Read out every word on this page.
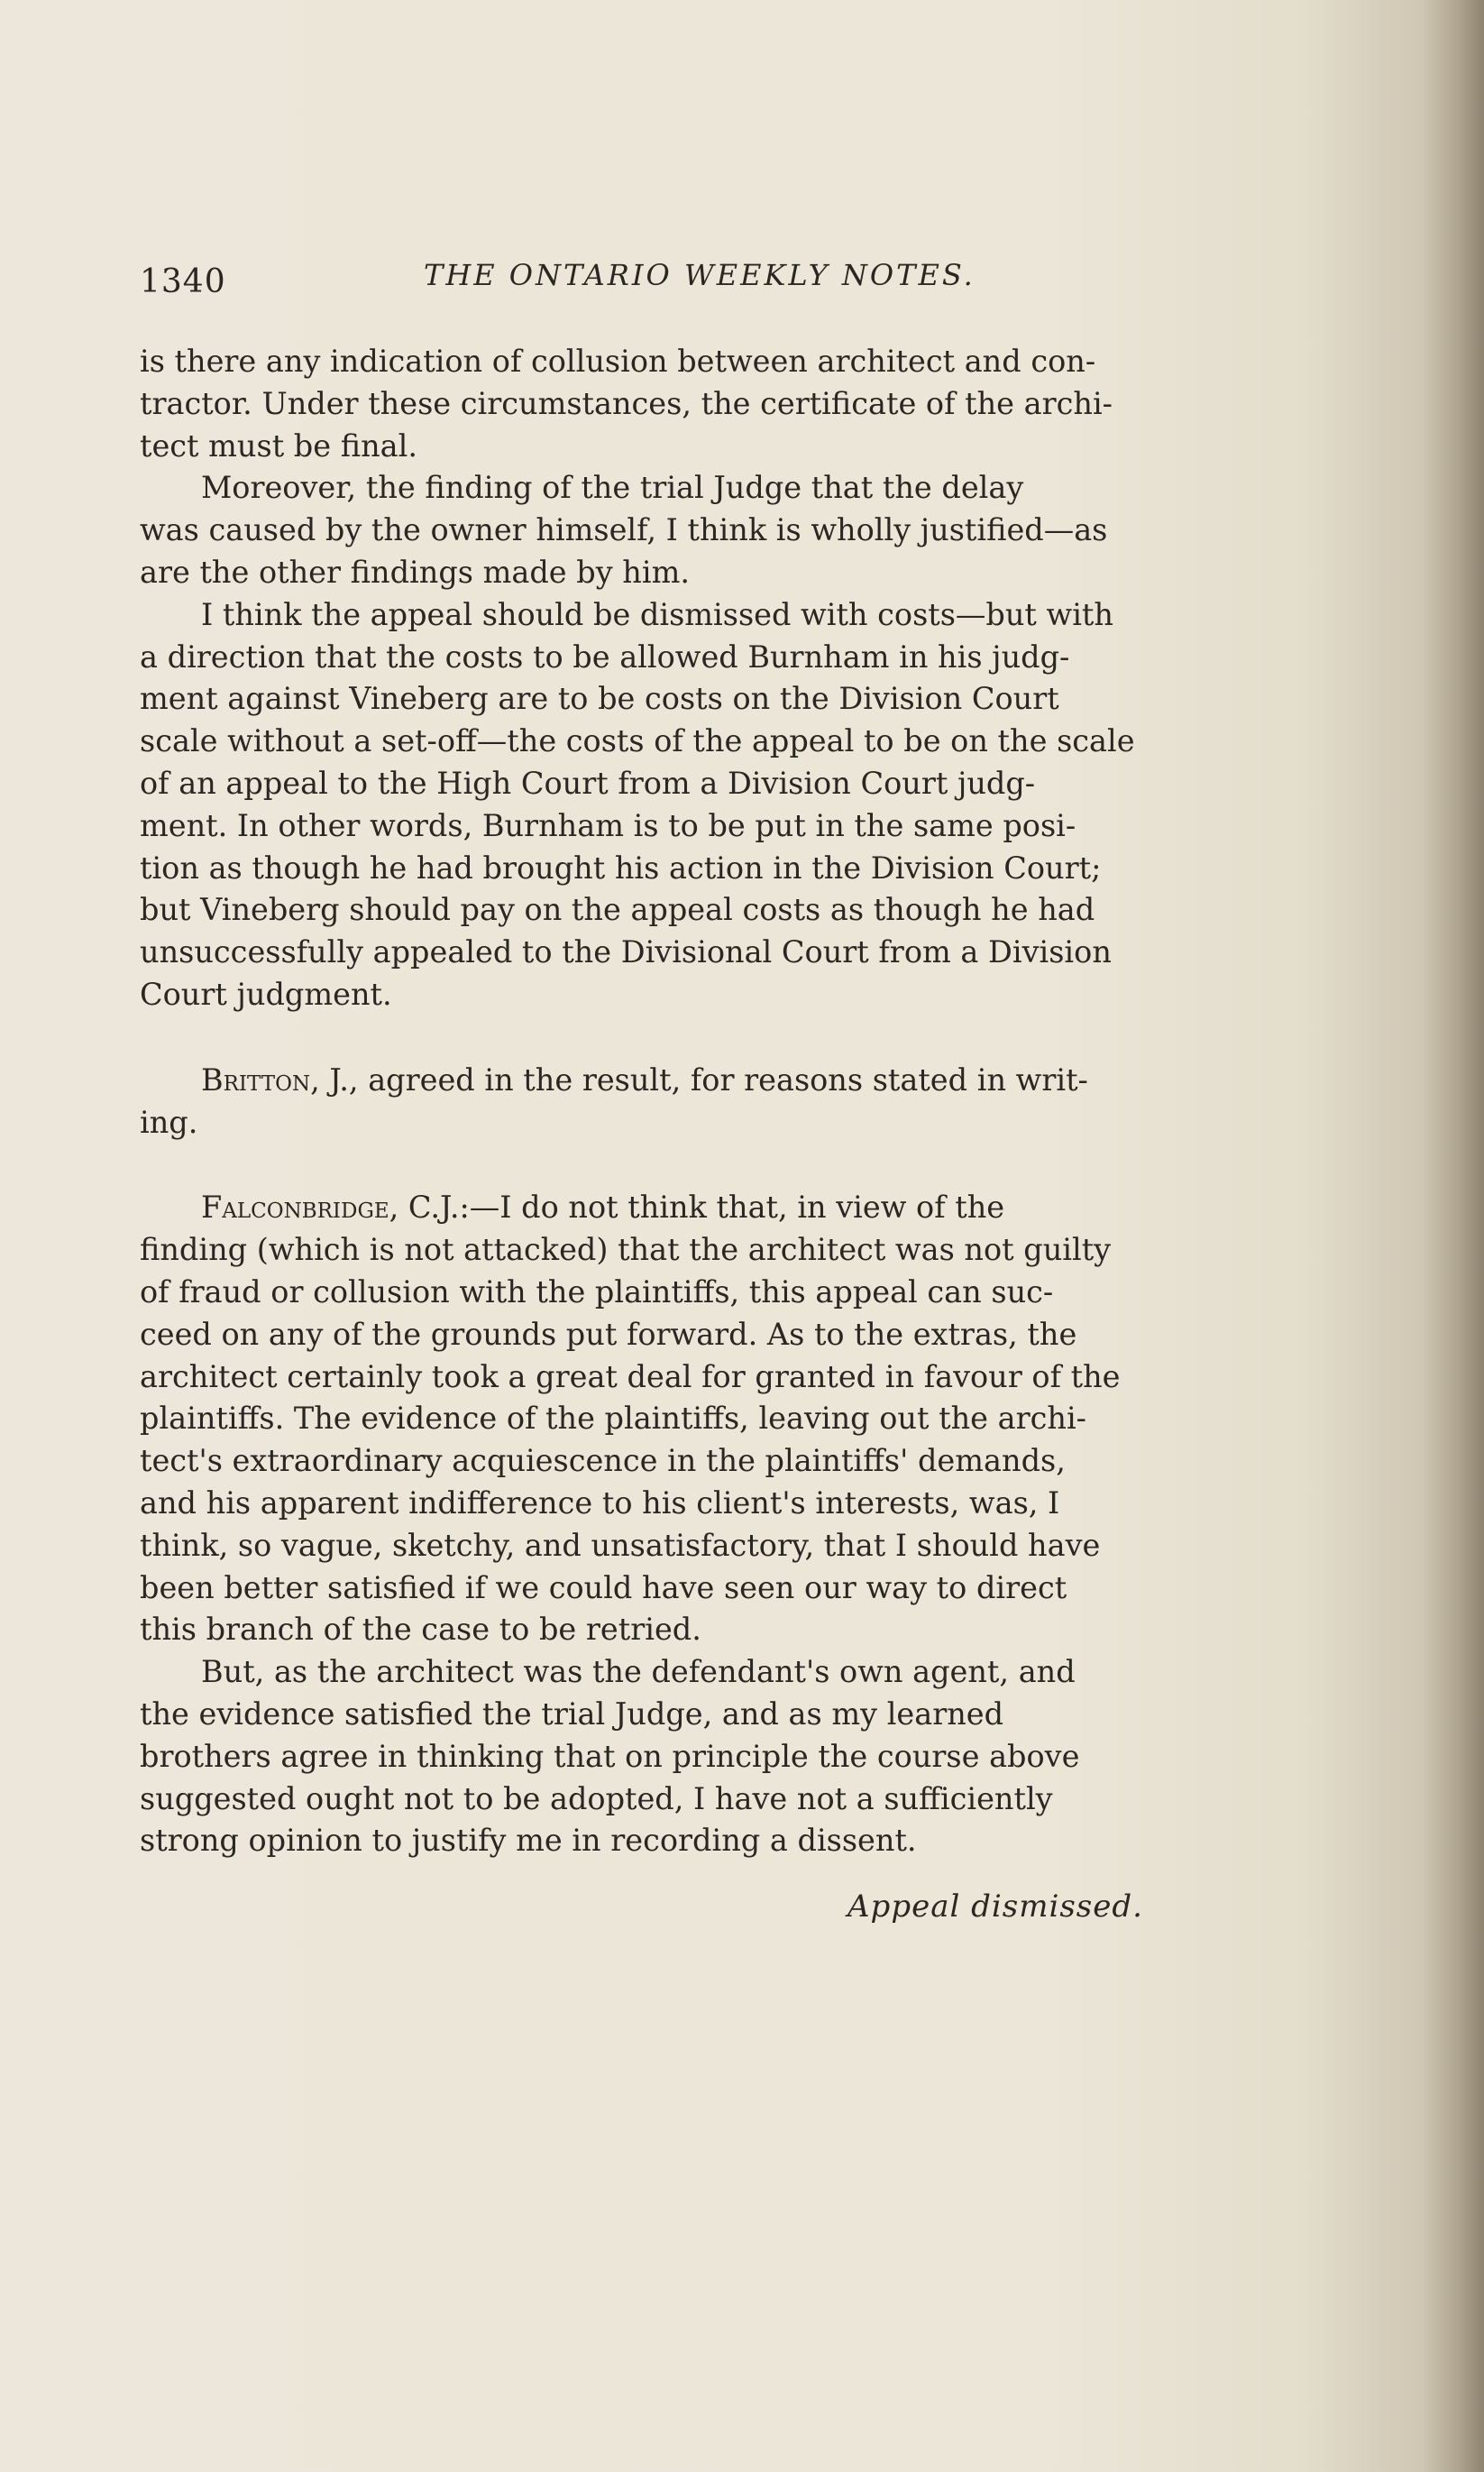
1340	THE ONTARIO WEEKLY NOTES.

is there any indication of collusion between architect and con-
tractor. Under these circumstances, the certificate of the archi-
tect must be final.

Moreover, the finding of the trial Judge that the delay
was caused by the owner himself, I think is wholly justified—as
are the other findings made by him.

I think the appeal should be dismissed with costs—but with
a direction that the costs to be allowed Burnham in his judg-
ment against Vineberg are to be costs on the Division Court
scale without a set-off—the costs of the appeal to be on the scale
of an appeal to the High Court from a Division Court judg-
ment. In other words, Burnham is to be put in the same posi-
tion as though he had brought his action in the Division Court;
but Vineberg should pay on the appeal costs as though he had
unsuccessfully appealed to the Divisional Court from a Division
Court judgment.

Britton, J., agreed in the result, for reasons stated in writ-
ing.

Falconbridge, C.J.:—I do not think that, in view of the
finding (which is not attacked) that the architect was not guilty
of fraud or collusion with the plaintiffs, this appeal can suc-
ceed on any of the grounds put forward. As to the extras, the
architect certainly took a great deal for granted in favour of the
plaintiffs. The evidence of the plaintiffs, leaving out the archi-
tect's extraordinary acquiescence in the plaintiffs' demands,
and his apparent indifference to his client's interests, was, I
think, so vague, sketchy, and unsatisfactory, that I should have
been better satisfied if we could have seen our way to direct
this branch of the case to be retried.

But, as the architect was the defendant's own agent, and
the evidence satisfied the trial Judge, and as my learned
brothers agree in thinking that on principle the course above
suggested ought not to be adopted, I have not a sufficiently
strong opinion to justify me in recording a dissent.

Appeal dismissed.
